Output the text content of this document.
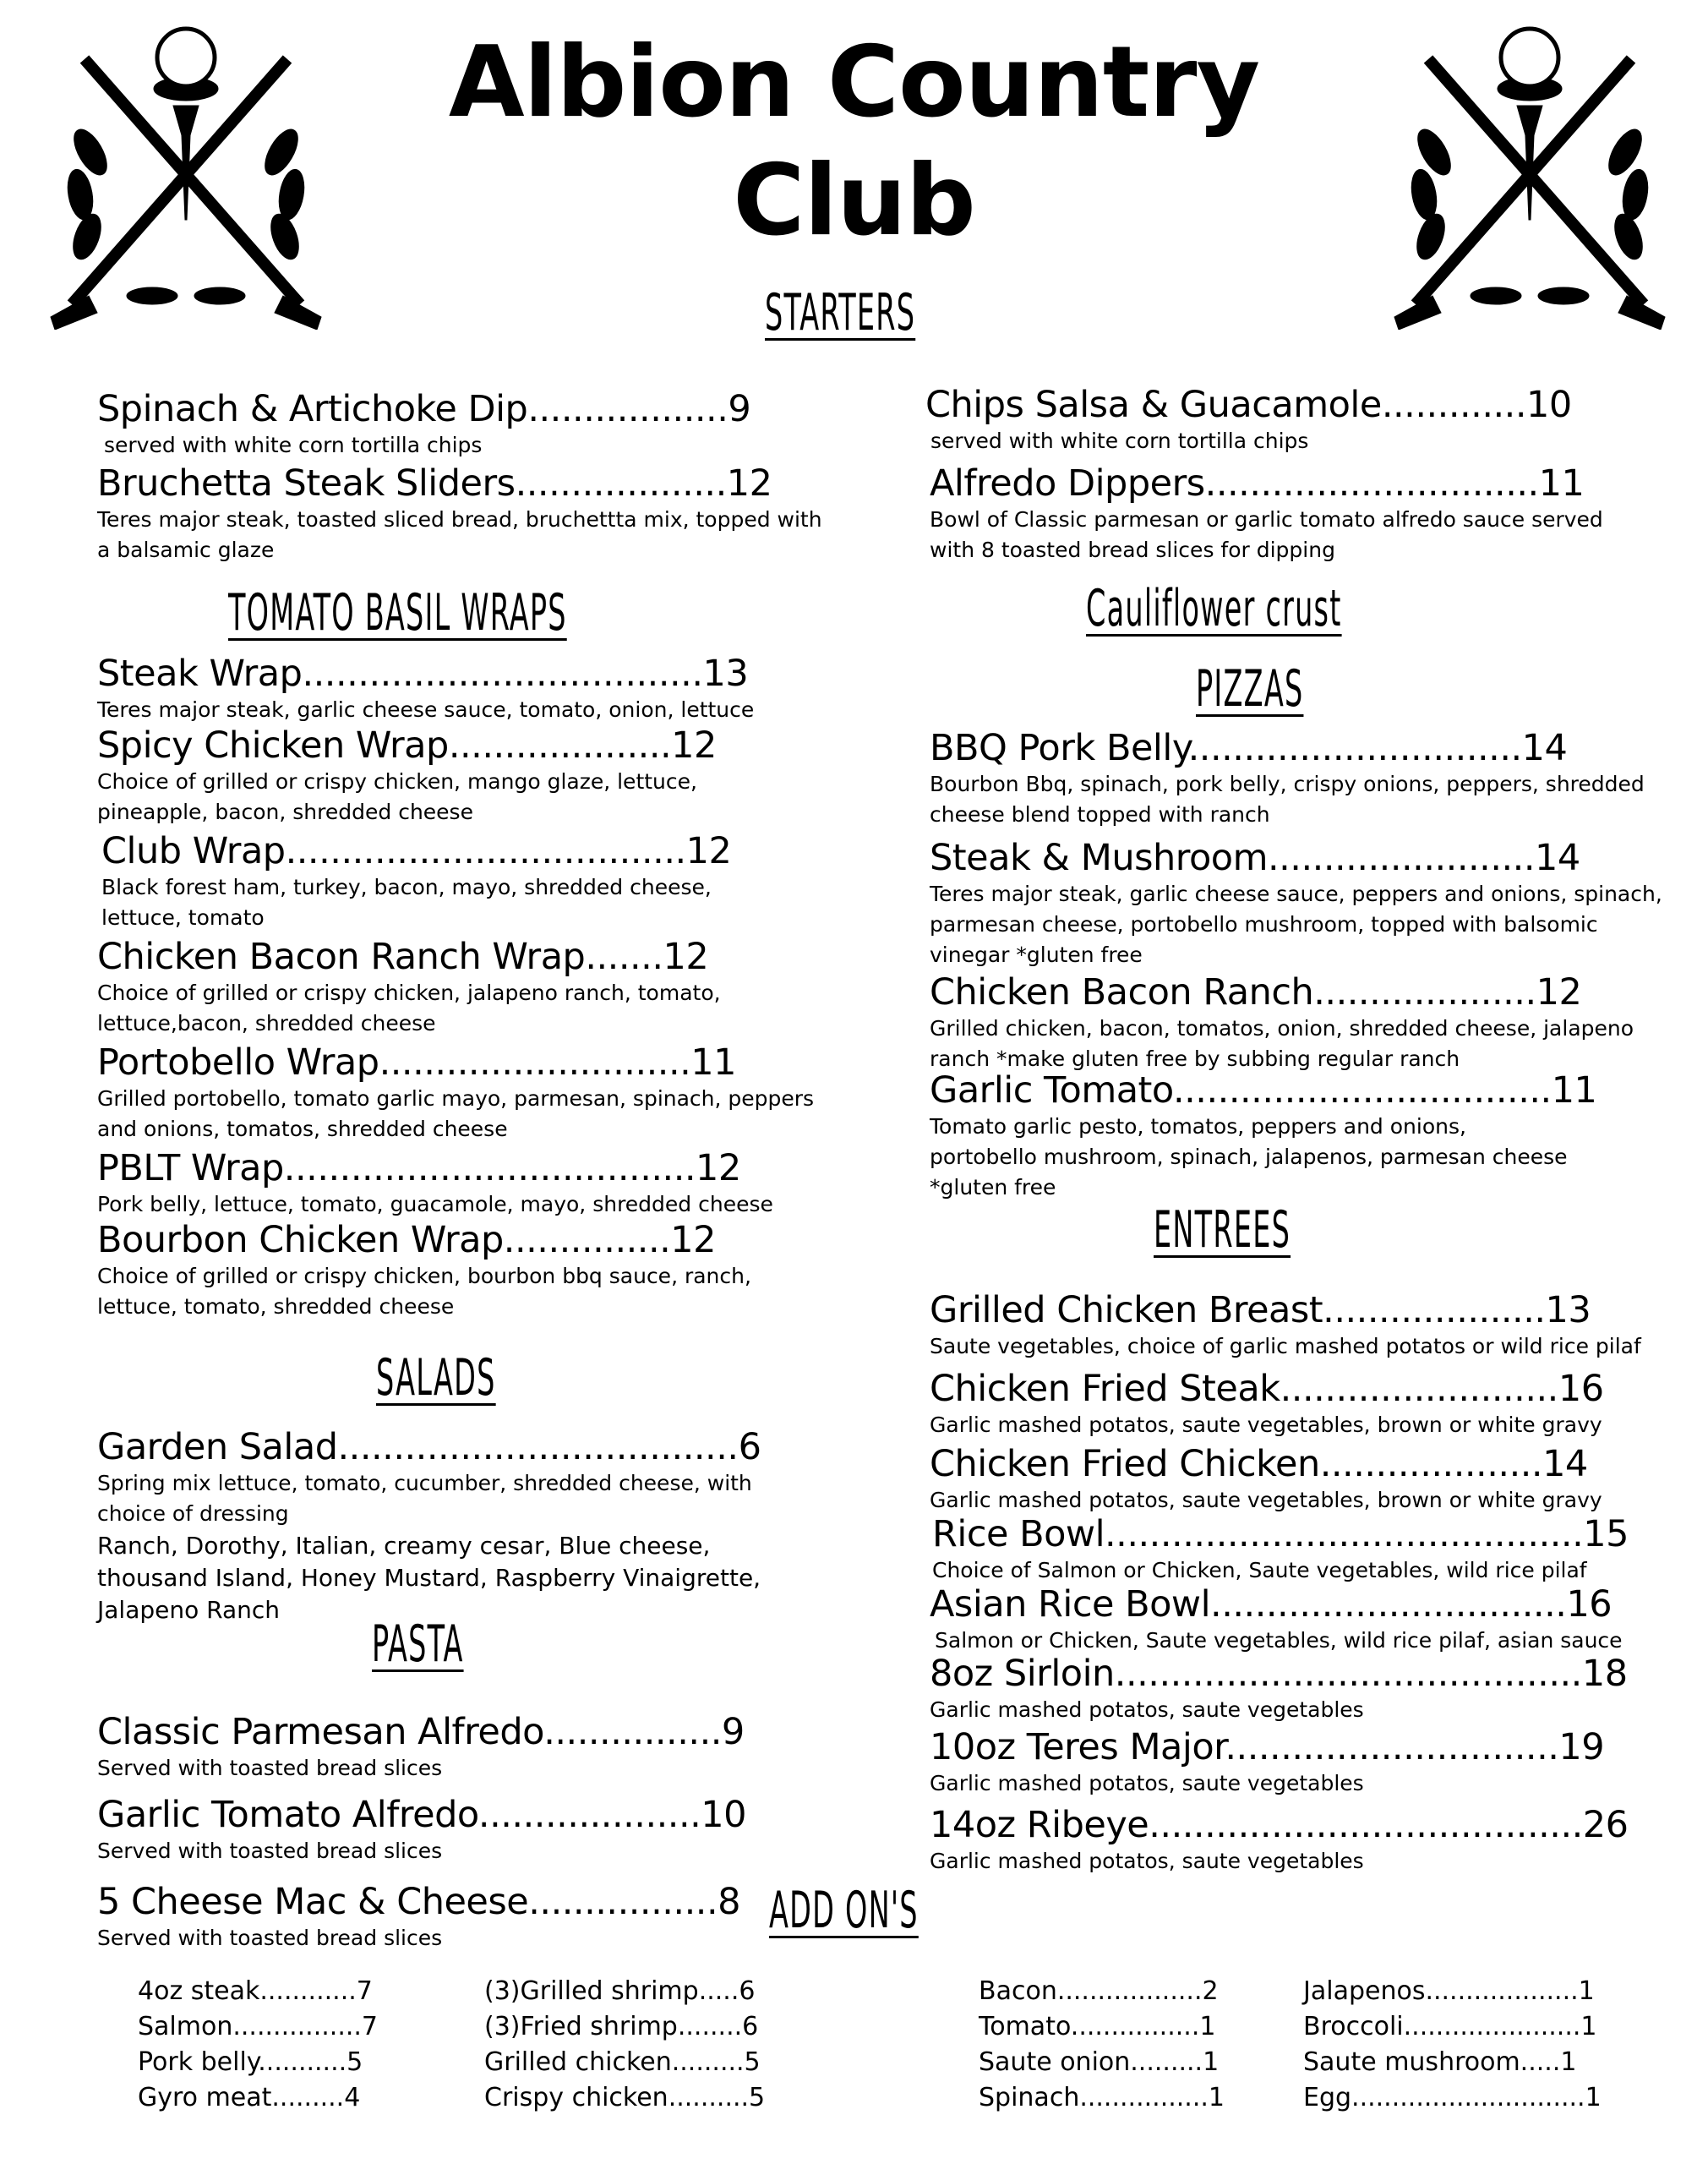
Albion Country
Club
STARTERS
TOMATO BASIL WRAPS
SALADS
PASTA
Cauliflower crust
PIZZAS
ENTREES
ADD ON'S
Spinach & Artichoke Dip..................9
served with white corn tortilla chips
Bruchetta Steak Sliders...................12
Teres major steak, toasted sliced bread, bruchettta mix, topped with a balsamic glaze
Steak Wrap....................................13
Teres major steak, garlic cheese sauce, tomato, onion, lettuce
Spicy Chicken Wrap....................12
Choice of grilled or crispy chicken, mango glaze, lettuce, pineapple, bacon, shredded cheese
Club Wrap....................................12
Black forest ham, turkey, bacon, mayo, shredded cheese, lettuce, tomato
Chicken Bacon Ranch Wrap.......12
Choice of grilled or crispy chicken, jalapeno ranch, tomato, lettuce,bacon, shredded cheese
Portobello Wrap............................11
Grilled portobello, tomato garlic mayo, parmesan, spinach, peppers and onions, tomatos, shredded cheese
PBLT Wrap.....................................12
Pork belly, lettuce, tomato, guacamole, mayo, shredded cheese
Bourbon Chicken Wrap...............12
Choice of grilled or crispy chicken, bourbon bbq sauce, ranch, lettuce, tomato, shredded cheese
Garden Salad....................................6
Spring mix lettuce, tomato, cucumber, shredded cheese, with choice of dressing
Ranch, Dorothy, Italian, creamy cesar, Blue cheese, thousand Island, Honey Mustard, Raspberry Vinaigrette, Jalapeno Ranch
Classic Parmesan Alfredo................9
Served with toasted bread slices
Garlic Tomato Alfredo....................10
Served with toasted bread slices
5 Cheese Mac & Cheese.................8
Served with toasted bread slices
Chips Salsa & Guacamole.............10
served with white corn tortilla chips
Alfredo Dippers..............................11
Bowl of Classic parmesan or garlic tomato alfredo sauce served with 8 toasted bread slices for dipping
BBQ Pork Belly..............................14
Bourbon Bbq, spinach, pork belly, crispy onions, peppers, shredded cheese blend topped with ranch
Steak & Mushroom........................14
Teres major steak, garlic cheese sauce, peppers and onions, spinach, parmesan cheese, portobello mushroom, topped with balsomic vinegar *gluten free
Chicken Bacon Ranch....................12
Grilled chicken, bacon, tomatos, onion, shredded cheese, jalapeno ranch *make gluten free by subbing regular ranch
Garlic Tomato..................................11
Tomato garlic pesto, tomatos, peppers and onions, portobello mushroom, spinach, jalapenos, parmesan cheese *gluten free
Grilled Chicken Breast....................13
Saute vegetables, choice of garlic mashed potatos or wild rice pilaf
Chicken Fried Steak.........................16
Garlic mashed potatos, saute vegetables, brown or white gravy
Chicken Fried Chicken....................14
Garlic mashed potatos, saute vegetables, brown or white gravy
Rice Bowl...........................................15
Choice of Salmon or Chicken, Saute vegetables, wild rice pilaf
Asian Rice Bowl................................16
Salmon or Chicken, Saute vegetables, wild rice pilaf, asian sauce
8oz Sirloin..........................................18
Garlic mashed potatos, saute vegetables
10oz Teres Major..............................19
Garlic mashed potatos, saute vegetables
14oz Ribeye.......................................26
Garlic mashed potatos, saute vegetables
4oz steak............7
Salmon................7
Pork belly...........5
Gyro meat.........4
(3)Grilled shrimp.....6
(3)Fried shrimp........6
Grilled chicken.........5
Crispy chicken..........5
Bacon..................2
Tomato................1
Saute onion.........1
Spinach................1
Jalapenos...................1
Broccoli......................1
Saute mushroom.....1
Egg.............................1
